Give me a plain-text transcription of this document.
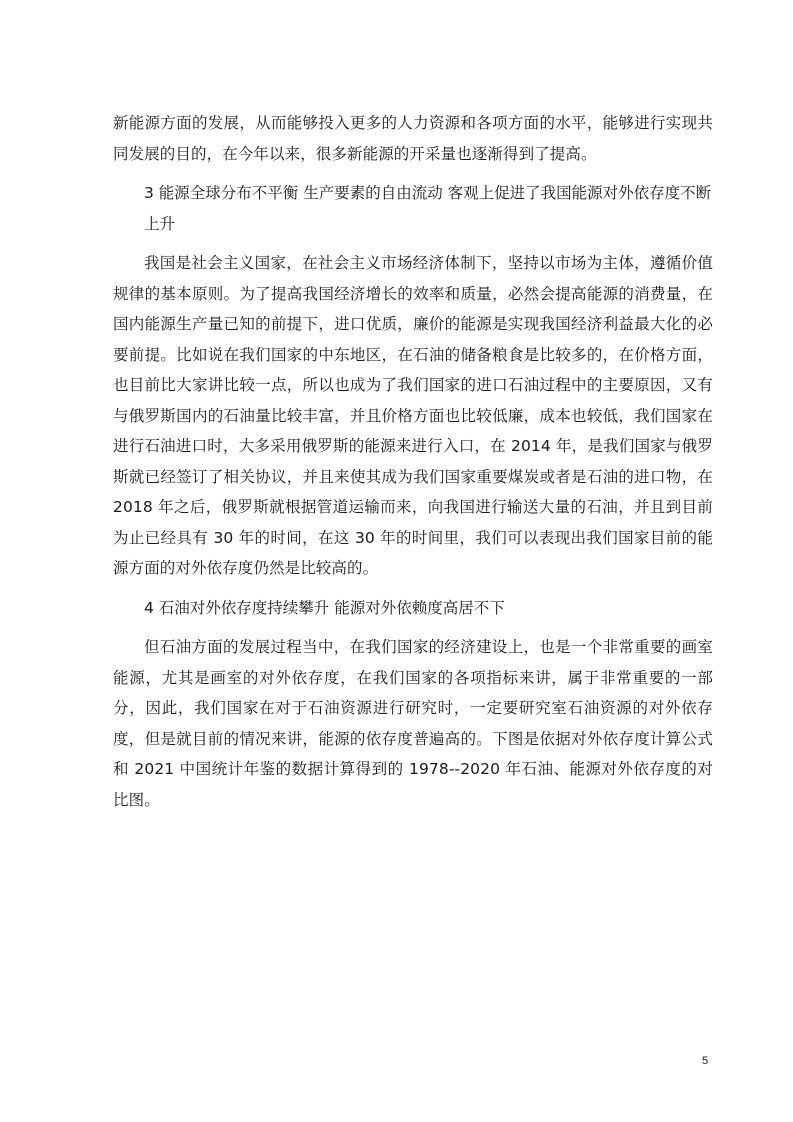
新能源方面的发展，从而能够投入更多的人力资源和各项方面的水平，能够进行实现共同发展的目的，在今年以来，很多新能源的开采量也逐渐得到了提高。

3 能源全球分布不平衡 生产要素的自由流动 客观上促进了我国能源对外依存度不断上升

我国是社会主义国家，在社会主义市场经济体制下，坚持以市场为主体，遵循价值规律的基本原则。为了提高我国经济增长的效率和质量，必然会提高能源的消费量，在国内能源生产量已知的前提下，进口优质，廉价的能源是实现我国经济利益最大化的必要前提。比如说在我们国家的中东地区，在石油的储备粮食是比较多的，在价格方面，也目前比大家讲比较一点，所以也成为了我们国家的进口石油过程中的主要原因，又有与俄罗斯国内的石油量比较丰富，并且价格方面也比较低廉，成本也较低，我们国家在进行石油进口时，大多采用俄罗斯的能源来进行入口，在 2014 年，是我们国家与俄罗斯就已经签订了相关协议，并且来使其成为我们国家重要煤炭或者是石油的进口物，在 2018 年之后，俄罗斯就根据管道运输而来，向我国进行输送大量的石油，并且到目前为止已经具有 30 年的时间，在这 30 年的时间里，我们可以表现出我们国家目前的能源方面的对外依存度仍然是比较高的。

4 石油对外依存度持续攀升 能源对外依赖度高居不下

但石油方面的发展过程当中，在我们国家的经济建设上，也是一个非常重要的画室能源，尤其是画室的对外依存度，在我们国家的各项指标来讲，属于非常重要的一部分，因此，我们国家在对于石油资源进行研究时，一定要研究室石油资源的对外依存度，但是就目前的情况来讲，能源的依存度普遍高的。下图是依据对外依存度计算公式和 2021 中国统计年鉴的数据计算得到的 1978--2020 年石油、能源对外依存度的对比图。

5
